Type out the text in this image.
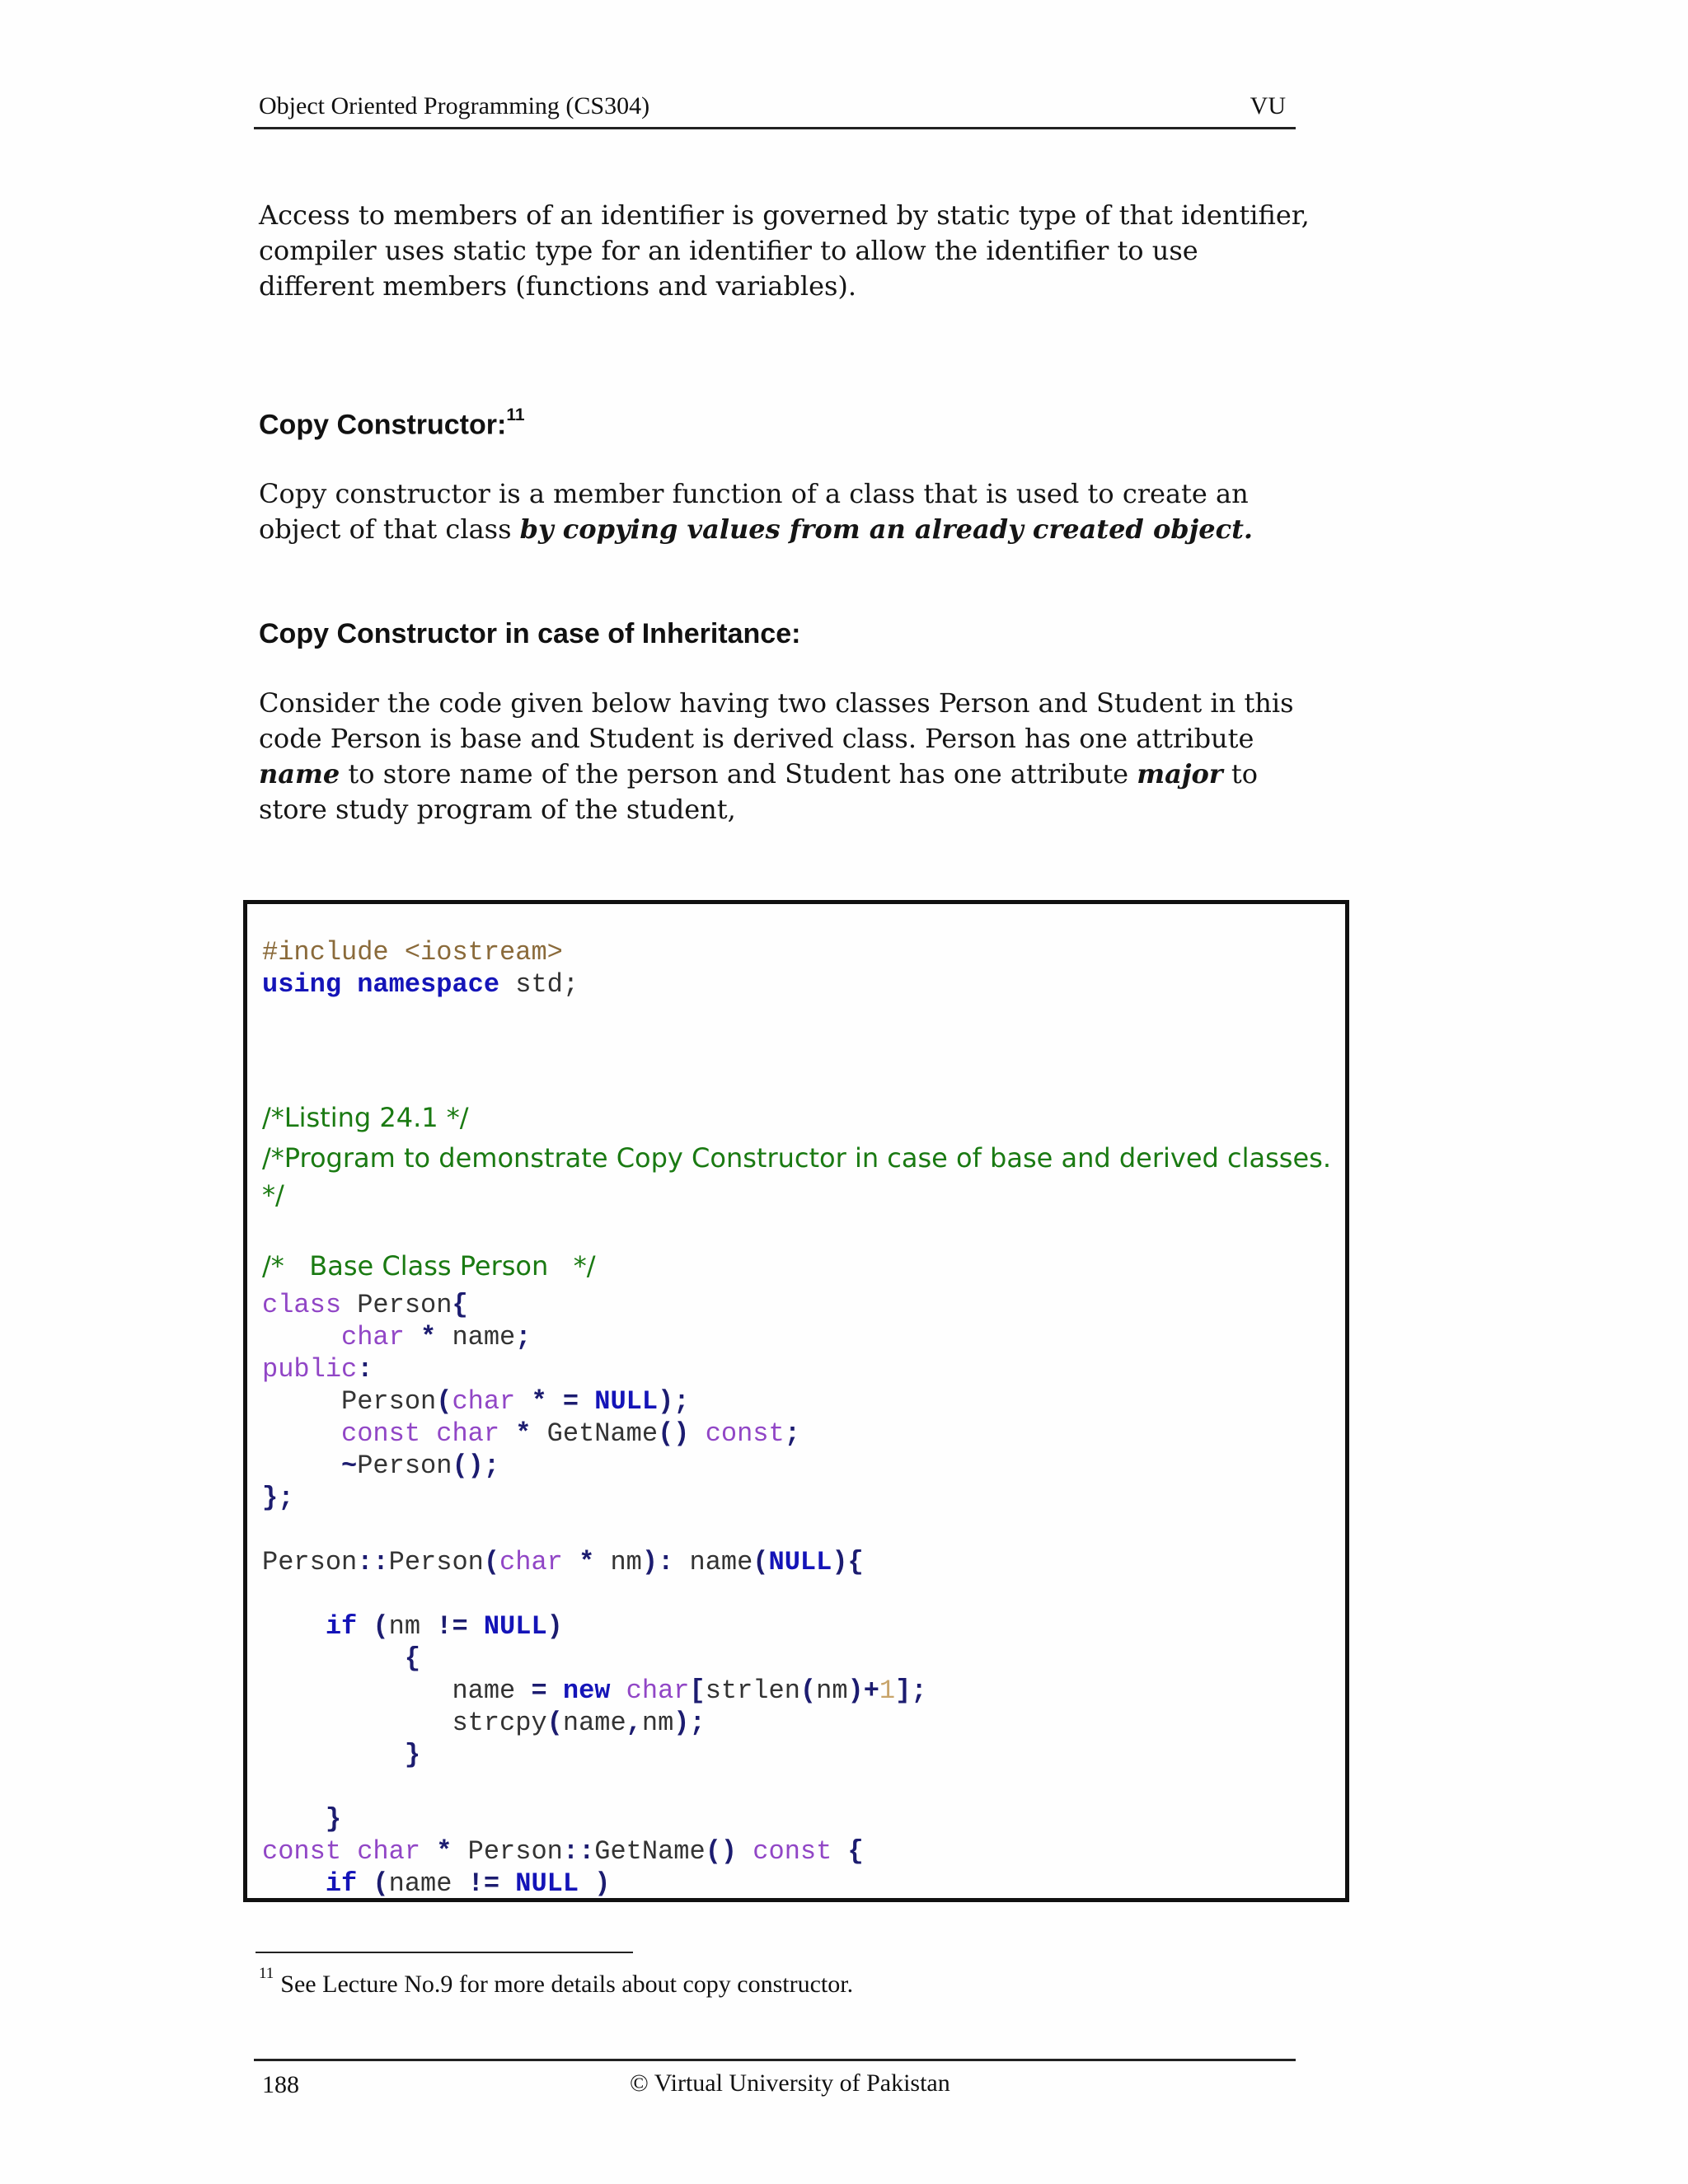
Object Oriented Programming (CS304)	VU

Access to members of an identifier is governed by static type of that identifier, compiler uses static type for an identifier to allow the identifier to use different members (functions and variables).

Copy Constructor:$^{11}$

Copy constructor is a member function of a class that is used to create an object of that class by copying values from an already created object.

Copy Constructor in case of Inheritance:

Consider the code given below having two classes Person and Student in this code Person is base and Student is derived class. Person has one attribute name to store name of the person and Student has one attribute major to store study program of the student,

#include <iostream>
using namespace std;
/*Listing 24.1 */
/*Program to demonstrate Copy Constructor in case of base and derived classes.
*/
/*   Base Class Person   */
class Person{
char * name;
public:
Person(char * = NULL);
const char * GetName() const;
~Person();
};
Person::Person(char * nm): name(NULL){
if (nm != NULL)
{
name = new char[strlen(nm)+1];
strcpy(name,nm);
}
}
const char * Person::GetName() const {
if (name != NULL )
$^{11}$ See Lecture No.9 for more details about copy constructor.
188	© Virtual University of Pakistan
